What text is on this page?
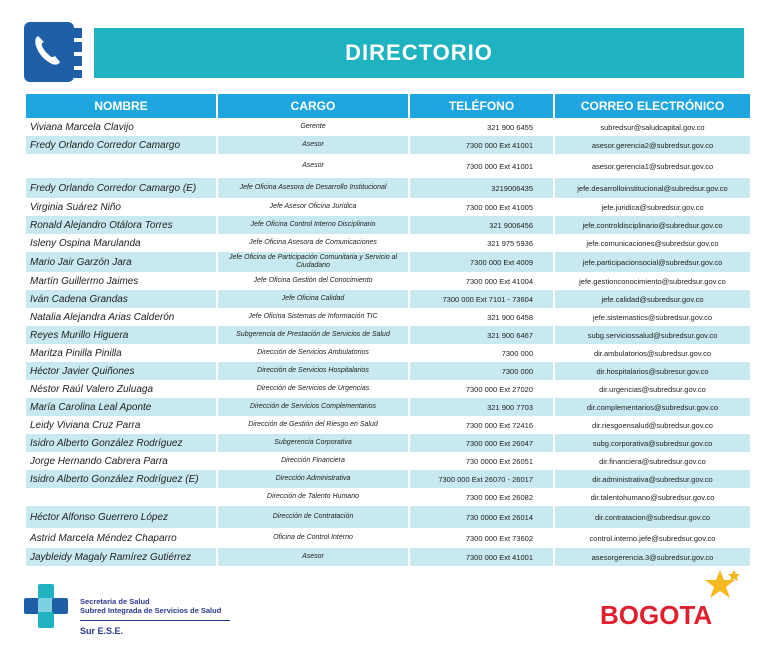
DIRECTORIO
NOMBRE	CARGO	TELÉFONO	CORREO ELECTRÓNICO
Viviana Marcela Clavijo	Gerente	321 900 6455	subredsur@saludcapital.gov.co
Fredy Orlando Corredor Camargo	Asesor	7300 000 Ext 41001	asesor.gerencia2@subredsur.gov.co
	Asesor	7300 000 Ext 41001	asesor.gerencia1@subredsur.gov.co
Fredy Orlando Corredor Camargo (E)	Jefe Oficina Asesora de Desarrollo Institucional	3219006435	jefe.desarrolloinstitucional@subredsur.gov.co
Virginia Suárez Niño	Jefe Asesor Oficina Jurídica	7300 000 Ext 41005	jefe.juridica@subredsur.gov.co
Ronald Alejandro Otálora Torres	Jefe Oficina Control Interno Disciplinario	321 9006456	jefe.controldisciplinario@subredsur.gov.co
Isleny Ospina Marulanda	Jefe Oficina Asesora de Comunicaciones	321 975 5936	jefe.comunicaciones@subredsur.gov.co
Mario Jair Garzón Jara	Jefe Oficina de Participación Comunitaria y Servicio al Ciudadano	7300 000 Ext 4009	jefe.participacionsocial@subredsur.gov.co
Martín Guillermo Jaimes	Jefe Oficina Gestión del Conocimiento	7300 000 Ext 41004	jefe.gestionconocimiento@subredsur.gov.co
Iván Cadena Grandas	Jefe Oficina Calidad	7300 000 Ext 7101 - 73604	jefe.calidad@subredsur.gov.co
Natalia Alejandra Arias Calderón	Jefe Oficina Sistemas de Información TIC	321 900 6458	jefe.sistemastics@subredsur.gov.co
Reyes Murillo Higuera	Subgerencia de Prestación de Servicios de Salud	321 900 6467	subg.serviciossalud@subredsur.gov.co
Maritza Pinilla Pinilla	Dirección de Servicios Ambulatorios	7300 000	dir.ambulatorios@subredsur.gov.co
Héctor Javier Quiñones	Dirección de Servicios Hospitalarios	7300 000	dir.hospitalarios@subresur.gov.co
Néstor Raúl Valero Zuluaga	Dirección de Servicios de Urgencias	7300 000 Ext 27020	dir.urgencias@subredsur.gov.co
María Carolina Leal Aponte	Dirección de Servicios Complementarios	321 900 7703	dir.complementarios@subredsur.gov.co
Leidy Viviana Cruz Parra	Dirección de Gestión del Riesgo en Salud	7300 000 Ext 72416	dir.riesgoensalud@subredsur.gov.co
Isidro Alberto González Rodríguez	Subgerencia Corporativa	7300 000 Ext 26047	subg.corporativa@subredsur.gov.co
Jorge Hernando Cabrera Parra	Dirección Financiera	730 0000 Ext 26051	dir.financiera@subredsur.gov.co
Isidro Alberto González Rodríguez (E)	Dirección Administrativa	7300 000 Ext 26070 - 26017	dir.administrativa@subredsur.gov.co
	Dirección de Talento Humano	7300 000 Ext 26082	dir.talentohumano@subredsur.gov.co
Héctor Alfonso Guerrero López	Dirección de Contratación	730 0000 Ext 26014	dir.contratacion@subredsur.gov.co
Astrid Marcela Méndez Chaparro	Oficina de Control Interno	7300 000 Ext 73602	control.interno.jefe@subredsur.gov.co
Jaybleidy Magaly Ramírez Gutiérrez	Asesor	7300 000 Ext 41001	asesorgerencia.3@subredsur.gov.co
Secretaría de Salud
Subred Integrada de Servicios de Salud
Sur E.S.E.
BOGOTA
